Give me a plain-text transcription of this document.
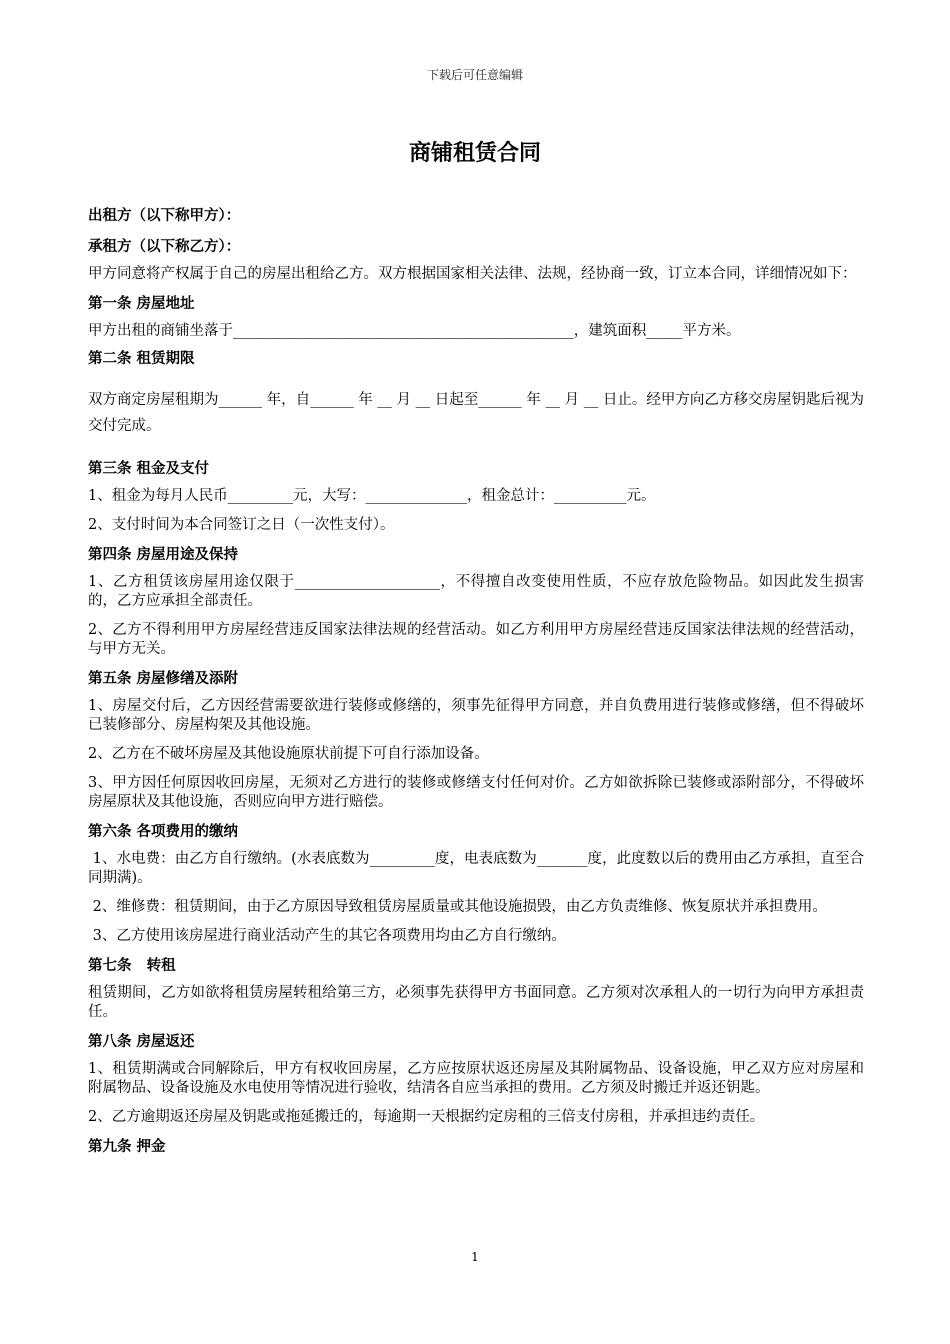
下载后可任意编辑
商铺租赁合同
出租方（以下称甲方）：
承租方（以下称乙方）：
甲方同意将产权属于自己的房屋出租给乙方。双方根据国家相关法律、法规，经协商一致，订立本合同，详细情况如下：
第一条 房屋地址
甲方出租的商铺坐落于_______________________________________________，建筑面积_____平方米。
第二条 租赁期限
双方商定房屋租期为______ 年，自______ 年 __ 月 __ 日起至______ 年 __ 月 __ 日止。经甲方向乙方移交房屋钥匙后视为交付完成。
第三条 租金及支付
1、租金为每月人民币_________元，大写：______________，租金总计：__________元。
2、支付时间为本合同签订之日（一次性支付）。
第四条 房屋用途及保持
1、乙方租赁该房屋用途仅限于____________________，不得擅自改变使用性质，不应存放危险物品。如因此发生损害的，乙方应承担全部责任。
2、乙方不得利用甲方房屋经营违反国家法律法规的经营活动。如乙方利用甲方房屋经营违反国家法律法规的经营活动，与甲方无关。
第五条 房屋修缮及添附
1、房屋交付后，乙方因经营需要欲进行装修或修缮的，须事先征得甲方同意，并自负费用进行装修或修缮，但不得破坏已装修部分、房屋构架及其他设施。
2、乙方在不破坏房屋及其他设施原状前提下可自行添加设备。
3、甲方因任何原因收回房屋，无须对乙方进行的装修或修缮支付任何对价。乙方如欲拆除已装修或添附部分，不得破坏房屋原状及其他设施，否则应向甲方进行赔偿。
第六条 各项费用的缴纳
1、水电费：由乙方自行缴纳。(水表底数为_________度，电表底数为_______度，此度数以后的费用由乙方承担，直至合同期满)。
2、维修费：租赁期间，由于乙方原因导致租赁房屋质量或其他设施损毁，由乙方负责维修、恢复原状并承担费用。
3、乙方使用该房屋进行商业活动产生的其它各项费用均由乙方自行缴纳。
第七条   转租
租赁期间，乙方如欲将租赁房屋转租给第三方，必须事先获得甲方书面同意。乙方须对次承租人的一切行为向甲方承担责任。
第八条 房屋返还
1、租赁期满或合同解除后，甲方有权收回房屋，乙方应按原状返还房屋及其附属物品、设备设施，甲乙双方应对房屋和附属物品、设备设施及水电使用等情况进行验收，结清各自应当承担的费用。乙方须及时搬迁并返还钥匙。
2、乙方逾期返还房屋及钥匙或拖延搬迁的，每逾期一天根据约定房租的三倍支付房租，并承担违约责任。
第九条 押金
1
